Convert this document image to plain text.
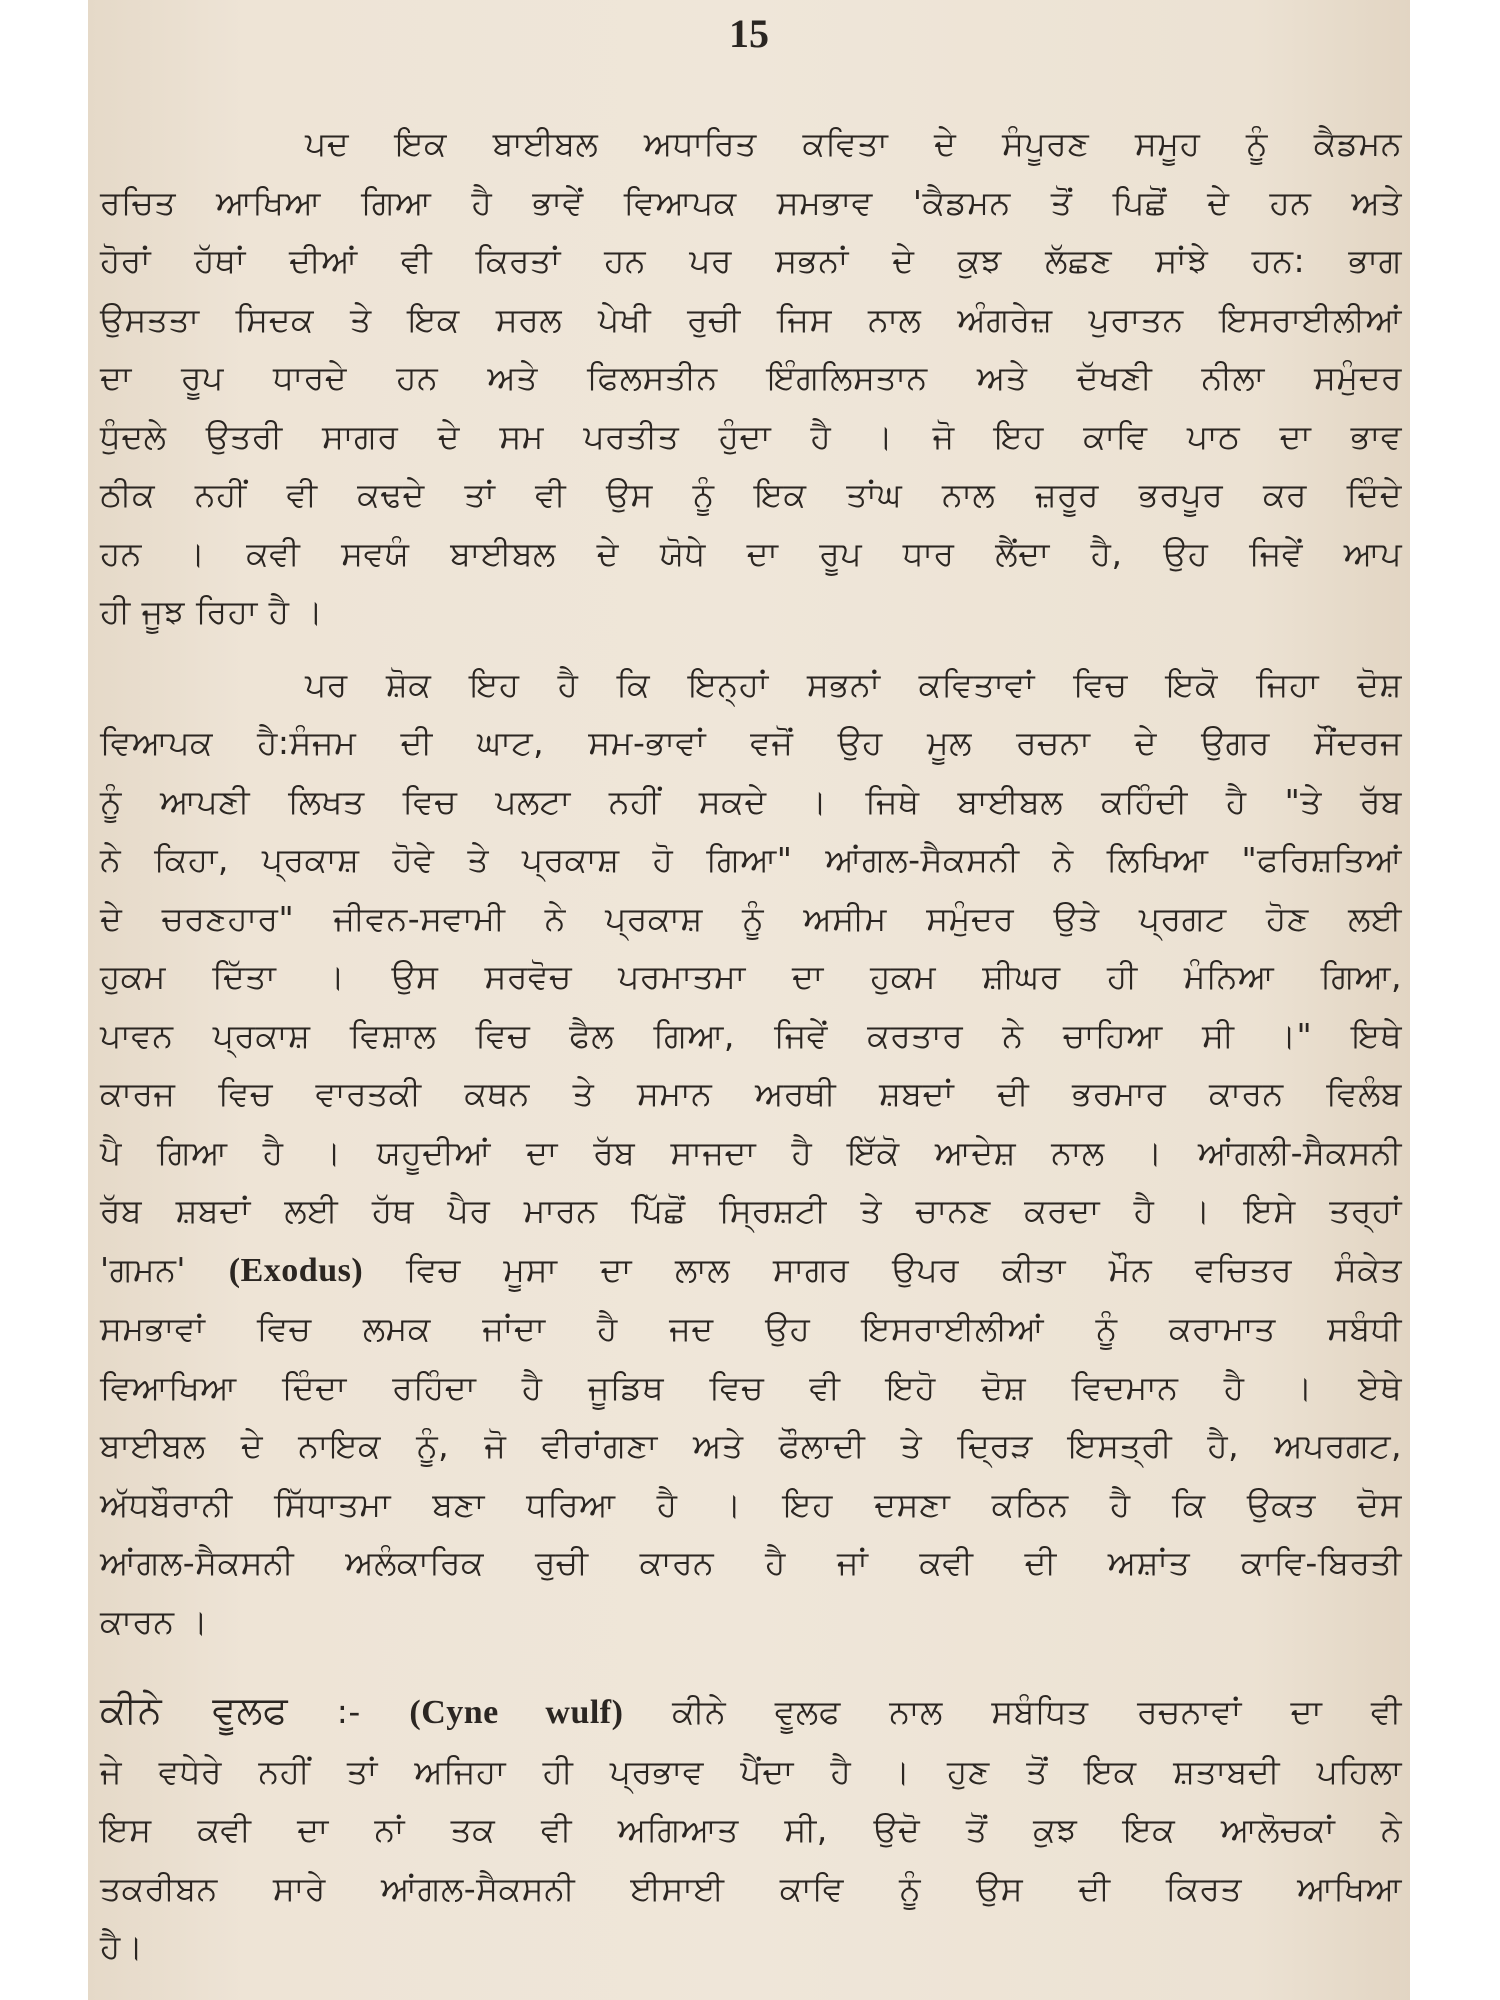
15

ਪਦ ਇਕ ਬਾਈਬਲ ਅਧਾਰਿਤ ਕਵਿਤਾ ਦੇ ਸੰਪੂਰਣ ਸਮੂਹ ਨੂੰ ਕੈਡਮਨ

ਰਚਿਤ ਆਖਿਆ ਗਿਆ ਹੈ ਭਾਵੇਂ ਵਿਆਪਕ ਸਮਭਾਵ 'ਕੈਡਮਨ ਤੋਂ ਪਿਛੋਂ ਦੇ ਹਨ ਅਤੇ

ਹੋਰਾਂ ਹੱਥਾਂ ਦੀਆਂ ਵੀ ਕਿਰਤਾਂ ਹਨ ਪਰ ਸਭਨਾਂ ਦੇ ਕੁਝ ਲੱਛਣ ਸਾਂਝੇ ਹਨ: ਭਾਗ

ਉਸਤਤਾ ਸਿਦਕ ਤੇ ਇਕ ਸਰਲ ਪੇਖੀ ਰੁਚੀ ਜਿਸ ਨਾਲ ਅੰਗਰੇਜ਼ ਪੁਰਾਤਨ ਇਸਰਾਈਲੀਆਂ

ਦਾ ਰੂਪ ਧਾਰਦੇ ਹਨ ਅਤੇ ਫਿਲਸਤੀਨ ਇੰਗਲਿਸਤਾਨ ਅਤੇ ਦੱਖਣੀ ਨੀਲਾ ਸਮੁੰਦਰ

ਧੁੰਦਲੇ ਉਤਰੀ ਸਾਗਰ ਦੇ ਸਮ ਪਰਤੀਤ ਹੁੰਦਾ ਹੈ । ਜੋ ਇਹ ਕਾਵਿ ਪਾਠ ਦਾ ਭਾਵ

ਠੀਕ ਨਹੀਂ ਵੀ ਕਢਦੇ ਤਾਂ ਵੀ ਉਸ ਨੂੰ ਇਕ ਤਾਂਘ ਨਾਲ ਜ਼ਰੂਰ ਭਰਪੂਰ ਕਰ ਦਿੰਦੇ

ਹਨ । ਕਵੀ ਸਵਯੰ ਬਾਈਬਲ ਦੇ ਯੋਧੇ ਦਾ ਰੂਪ ਧਾਰ ਲੈਂਦਾ ਹੈ, ਉਹ ਜਿਵੇਂ ਆਪ

ਹੀ ਜੂਝ ਰਿਹਾ ਹੈ ।

ਪਰ ਸ਼ੋਕ ਇਹ ਹੈ ਕਿ ਇਨ੍ਹਾਂ ਸਭਨਾਂ ਕਵਿਤਾਵਾਂ ਵਿਚ ਇਕੋ ਜਿਹਾ ਦੋਸ਼

ਵਿਆਪਕ ਹੈ:ਸੰਜਮ ਦੀ ਘਾਟ, ਸਮ-ਭਾਵਾਂ ਵਜੋਂ ਉਹ ਮੂਲ ਰਚਨਾ ਦੇ ਉਗਰ ਸੌਂਦਰਜ

ਨੂੰ ਆਪਣੀ ਲਿਖਤ ਵਿਚ ਪਲਟਾ ਨਹੀਂ ਸਕਦੇ । ਜਿਥੇ ਬਾਈਬਲ ਕਹਿੰਦੀ ਹੈ "ਤੇ ਰੱਬ

ਨੇ ਕਿਹਾ, ਪ੍ਰਕਾਸ਼ ਹੋਵੇ ਤੇ ਪ੍ਰਕਾਸ਼ ਹੋ ਗਿਆ" ਆਂਗਲ-ਸੈਕਸਨੀ ਨੇ ਲਿਖਿਆ "ਫਰਿਸ਼ਤਿਆਂ

ਦੇ ਚਰਣਹਾਰ" ਜੀਵਨ-ਸਵਾਮੀ ਨੇ ਪ੍ਰਕਾਸ਼ ਨੂੰ ਅਸੀਮ ਸਮੁੰਦਰ ਉਤੇ ਪ੍ਰਗਟ ਹੋਣ ਲਈ

ਹੁਕਮ ਦਿੱਤਾ । ਉਸ ਸਰਵੋਚ ਪਰਮਾਤਮਾ ਦਾ ਹੁਕਮ ਸ਼ੀਘਰ ਹੀ ਮੰਨਿਆ ਗਿਆ,

ਪਾਵਨ ਪ੍ਰਕਾਸ਼ ਵਿਸ਼ਾਲ ਵਿਚ ਫੈਲ ਗਿਆ, ਜਿਵੇਂ ਕਰਤਾਰ ਨੇ ਚਾਹਿਆ ਸੀ ।" ਇਥੇ

ਕਾਰਜ ਵਿਚ ਵਾਰਤਕੀ ਕਥਨ ਤੇ ਸਮਾਨ ਅਰਥੀ ਸ਼ਬਦਾਂ ਦੀ ਭਰਮਾਰ ਕਾਰਨ ਵਿਲੰਬ

ਪੈ ਗਿਆ ਹੈ । ਯਹੂਦੀਆਂ ਦਾ ਰੱਬ ਸਾਜਦਾ ਹੈ ਇੱਕੋ ਆਦੇਸ਼ ਨਾਲ । ਆਂਗਲੀ-ਸੈਕਸਨੀ

ਰੱਬ ਸ਼ਬਦਾਂ ਲਈ ਹੱਥ ਪੈਰ ਮਾਰਨ ਪਿੱਛੋਂ ਸ੍ਰਿਸ਼ਟੀ ਤੇ ਚਾਨਣ ਕਰਦਾ ਹੈ । ਇਸੇ ਤਰ੍ਹਾਂ

'ਗਮਨ' (Exodus) ਵਿਚ ਮੂਸਾ ਦਾ ਲਾਲ ਸਾਗਰ ਉਪਰ ਕੀਤਾ ਮੌਨ ਵਚਿਤਰ ਸੰਕੇਤ

ਸਮਭਾਵਾਂ ਵਿਚ ਲਮਕ ਜਾਂਦਾ ਹੈ ਜਦ ਉਹ ਇਸਰਾਈਲੀਆਂ ਨੂੰ ਕਰਾਮਾਤ ਸਬੰਧੀ

ਵਿਆਖਿਆ ਦਿੰਦਾ ਰਹਿੰਦਾ ਹੈ ਜੂਡਿਥ ਵਿਚ ਵੀ ਇਹੋ ਦੋਸ਼ ਵਿਦਮਾਨ ਹੈ । ਏਥੇ

ਬਾਈਬਲ ਦੇ ਨਾਇਕ ਨੂੰ, ਜੋ ਵੀਰਾਂਗਣਾ ਅਤੇ ਫੌਲਾਦੀ ਤੇ ਦ੍ਰਿੜ ਇਸਤ੍ਰੀ ਹੈ, ਅਪਰਗਟ,

ਅੱਧਬੌਰਾਨੀ ਸਿੱਧਾਤਮਾ ਬਣਾ ਧਰਿਆ ਹੈ । ਇਹ ਦਸਣਾ ਕਠਿਨ ਹੈ ਕਿ ਉਕਤ ਦੋਸ

ਆਂਗਲ-ਸੈਕਸਨੀ ਅਲੰਕਾਰਿਕ ਰੁਚੀ ਕਾਰਨ ਹੈ ਜਾਂ ਕਵੀ ਦੀ ਅਸ਼ਾਂਤ ਕਾਵਿ-ਬਿਰਤੀ

ਕਾਰਨ ।

ਕੀਨੇ ਵੂਲਫ :- (Cyne wulf) ਕੀਨੇ ਵੂਲਫ ਨਾਲ ਸਬੰਧਿਤ ਰਚਨਾਵਾਂ ਦਾ ਵੀ

ਜੇ ਵਧੇਰੇ ਨਹੀਂ ਤਾਂ ਅਜਿਹਾ ਹੀ ਪ੍ਰਭਾਵ ਪੈਂਦਾ ਹੈ । ਹੁਣ ਤੋਂ ਇਕ ਸ਼ਤਾਬਦੀ ਪਹਿਲਾ

ਇਸ ਕਵੀ ਦਾ ਨਾਂ ਤਕ ਵੀ ਅਗਿਆਤ ਸੀ, ਉਦੋ ਤੋਂ ਕੁਝ ਇਕ ਆਲੋਚਕਾਂ ਨੇ

ਤਕਰੀਬਨ ਸਾਰੇ ਆਂਗਲ-ਸੈਕਸਨੀ ਈਸਾਈ ਕਾਵਿ ਨੂੰ ਉਸ ਦੀ ਕਿਰਤ ਆਖਿਆ

ਹੈ।
